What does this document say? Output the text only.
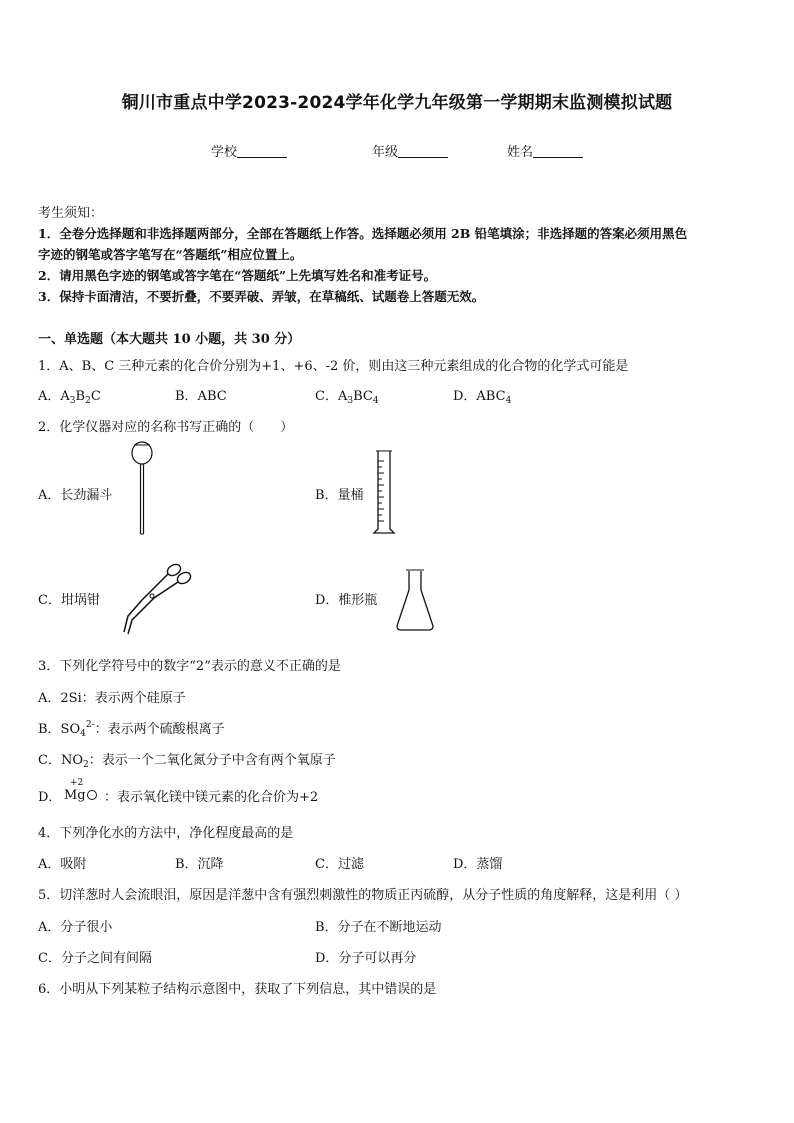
铜川市重点中学2023-2024学年化学九年级第一学期期末监测模拟试题
学校	年级	姓名
考生须知：
1．全卷分选择题和非选择题两部分，全部在答题纸上作答。选择题必须用 2B 铅笔填涂；非选择题的答案必须用黑色
字迹的钢笔或答字笔写在“答题纸”相应位置上。
2．请用黑色字迹的钢笔或答字笔在“答题纸”上先填写姓名和准考证号。
3．保持卡面清洁，不要折叠，不要弄破、弄皱，在草稿纸、试题卷上答题无效。
一、单选题（本大题共 10 小题，共 30 分）
1．A、B、C 三种元素的化合价分别为+1、+6、-2 价，则由这三种元素组成的化合物的化学式可能是
A．$A_3B_2C$	B．ABC	C．$A_3BC_4$	D．$ABC_4$
2．化学仪器对应的名称书写正确的（　　）
A．长劲漏斗	B．量桶
C．坩埚钳	D．椎形瓶
3．下列化学符号中的数字“2”表示的意义不正确的是
A．2Si：表示两个硅原子
B．$SO_4^{2-}$：表示两个硫酸根离子
C．$NO_2$：表示一个二氧化氮分子中含有两个氧原子
D．
+2
Mg	：表示氧化镁中镁元素的化合价为+2
4．下列净化水的方法中，净化程度最高的是
A．吸附	B．沉降	C．过滤	D．蒸馏
5．切洋葱时人会流眼泪，原因是洋葱中含有强烈刺激性的物质正丙硫醇，从分子性质的角度解释，这是利用（ ）
A．分子很小	B．分子在不断地运动
C．分子之间有间隔	D．分子可以再分
6．小明从下列某粒子结构示意图中，获取了下列信息，其中错误的是
